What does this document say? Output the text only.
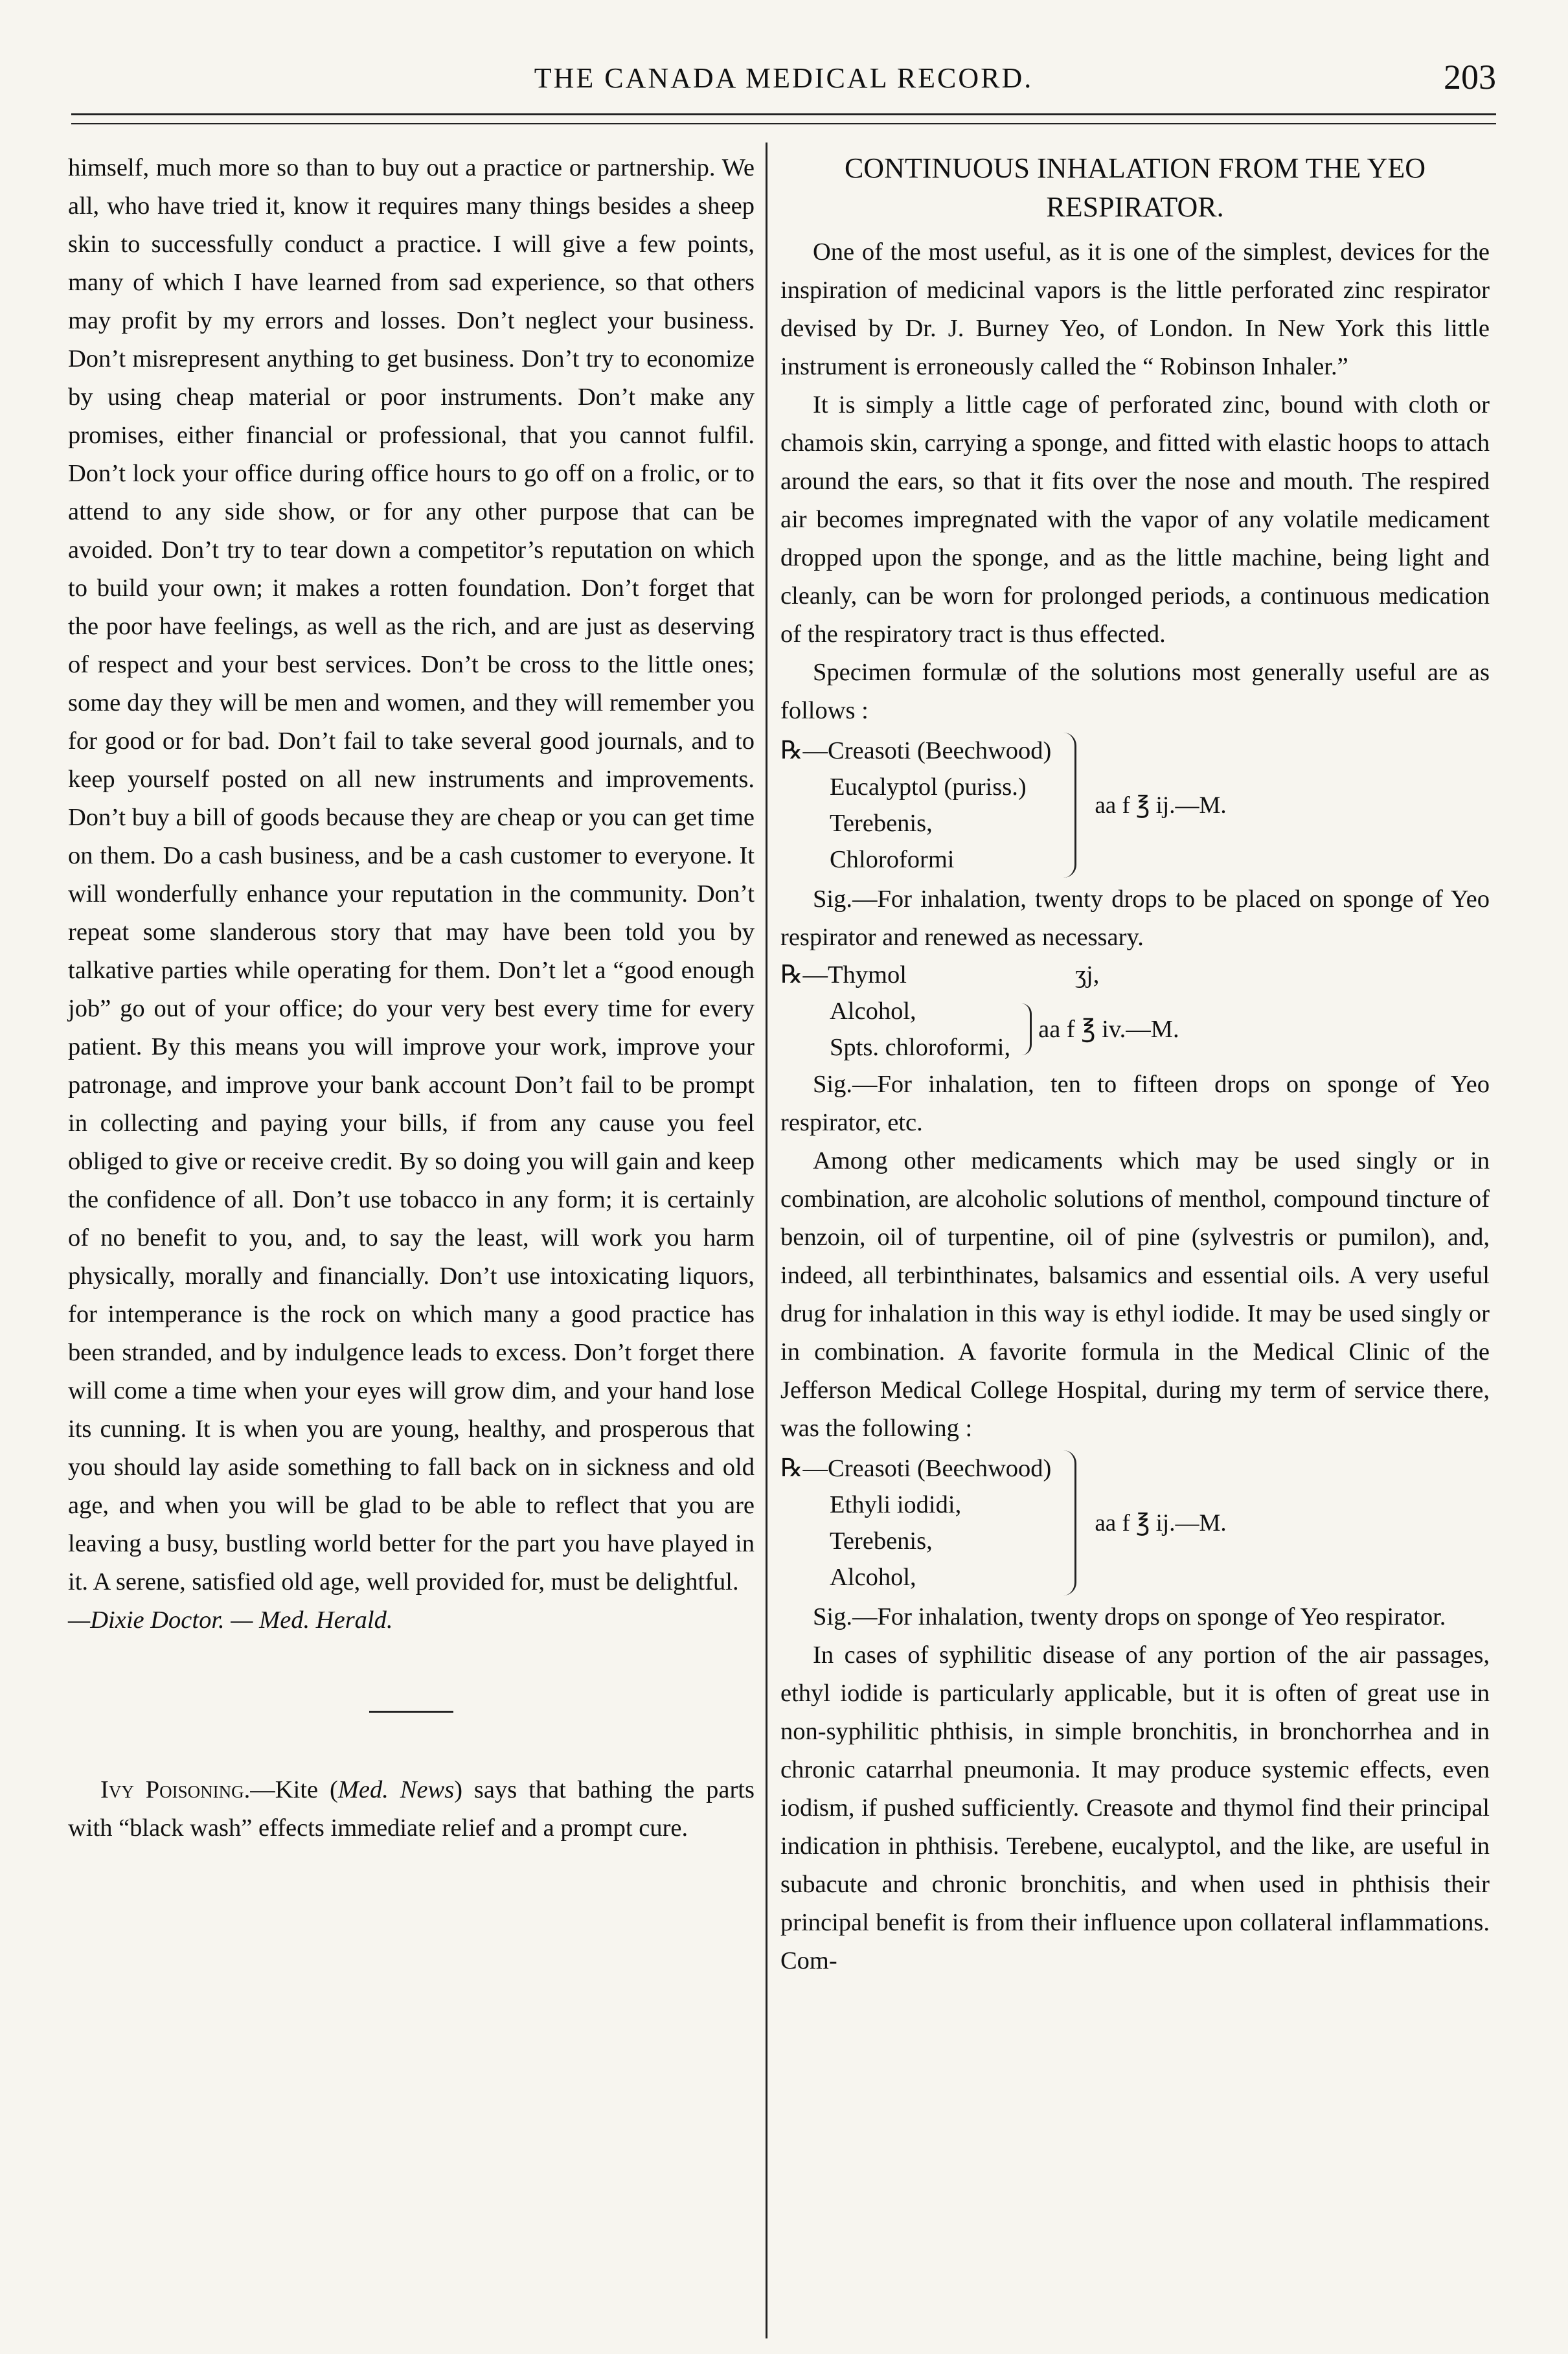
THE CANADA MEDICAL RECORD.	203

himself, much more so than to buy out a practice or partnership. We all, who have tried it, know it requires many things besides a sheep skin to successfully conduct a practice. I will give a few points, many of which I have learned from sad experience, so that others may profit by my errors and losses. Don’t neglect your business. Don’t misrepresent anything to get business. Don’t try to economize by using cheap material or poor instruments. Don’t make any promises, either financial or professional, that you cannot fulfil. Don’t lock your office during office hours to go off on a frolic, or to attend to any side show, or for any other purpose that can be avoided. Don’t try to tear down a competitor’s reputation on which to build your own; it makes a rotten foundation. Don’t forget that the poor have feelings, as well as the rich, and are just as deserving of respect and your best services. Don’t be cross to the little ones; some day they will be men and women, and they will remember you for good or for bad. Don’t fail to take several good journals, and to keep yourself posted on all new instruments and improvements. Don’t buy a bill of goods because they are cheap or you can get time on them. Do a cash business, and be a cash customer to everyone. It will wonderfully enhance your reputation in the community. Don’t repeat some slanderous story that may have been told you by talkative parties while operating for them. Don’t let a “good enough job” go out of your office; do your very best every time for every patient. By this means you will improve your work, improve your patronage, and improve your bank account Don’t fail to be prompt in collecting and paying your bills, if from any cause you feel obliged to give or receive credit. By so doing you will gain and keep the confidence of all. Don’t use tobacco in any form; it is certainly of no benefit to you, and, to say the least, will work you harm physically, morally and financially. Don’t use intoxicating liquors, for intemperance is the rock on which many a good practice has been stranded, and by indulgence leads to excess. Don’t forget there will come a time when your eyes will grow dim, and your hand lose its cunning. It is when you are young, healthy, and prosperous that you should lay aside something to fall back on in sickness and old age, and when you will be glad to be able to reflect that you are leaving a busy, bustling world better for the part you have played in it. A serene, satisfied old age, well provided for, must be delightful.

—Dixie Doctor. — Med. Herald.

Ivy Poisoning.—Kite (Med. News) says that bathing the parts with “black wash” effects immediate relief and a prompt cure.

CONTINUOUS INHALATION FROM THE YEO RESPIRATOR.

One of the most useful, as it is one of the simplest, devices for the inspiration of medicinal vapors is the little perforated zinc respirator devised by Dr. J. Burney Yeo, of London. In New York this little instrument is erroneously called the “ Robinson Inhaler.”

It is simply a little cage of perforated zinc, bound with cloth or chamois skin, carrying a sponge, and fitted with elastic hoops to attach around the ears, so that it fits over the nose and mouth. The respired air becomes impregnated with the vapor of any volatile medicament dropped upon the sponge, and as the little machine, being light and cleanly, can be worn for prolonged periods, a continuous medication of the respiratory tract is thus effected.

Specimen formulæ of the solutions most generally useful are as follows :

℞—Creasoti (Beechwood)
Eucalyptol (puriss.)
Terebenis,
Chloroformi
aa f ℥ ij.—M.

Sig.—For inhalation, twenty drops to be placed on sponge of Yeo respirator and renewed as necessary.

℞—Thymol	ʒj,
Alcohol,
Spts. chloroformi,
aa f ℥ iv.—M.

Sig.—For inhalation, ten to fifteen drops on sponge of Yeo respirator, etc.

Among other medicaments which may be used singly or in combination, are alcoholic solutions of menthol, compound tincture of benzoin, oil of turpentine, oil of pine (sylvestris or pumilon), and, indeed, all terbinthinates, balsamics and essential oils. A very useful drug for inhalation in this way is ethyl iodide. It may be used singly or in combination. A favorite formula in the Medical Clinic of the Jefferson Medical College Hospital, during my term of service there, was the following :

℞—Creasoti (Beechwood)
Ethyli iodidi,
Terebenis,
Alcohol,
aa f ℥ ij.—M.

Sig.—For inhalation, twenty drops on sponge of Yeo respirator.

In cases of syphilitic disease of any portion of the air passages, ethyl iodide is particularly applicable, but it is often of great use in non-syphilitic phthisis, in simple bronchitis, in bronchorrhea and in chronic catarrhal pneumonia. It may produce systemic effects, even iodism, if pushed sufficiently. Creasote and thymol find their principal indication in phthisis. Terebene, eucalyptol, and the like, are useful in subacute and chronic bronchitis, and when used in phthisis their principal benefit is from their influence upon collateral inflammations. Com-
